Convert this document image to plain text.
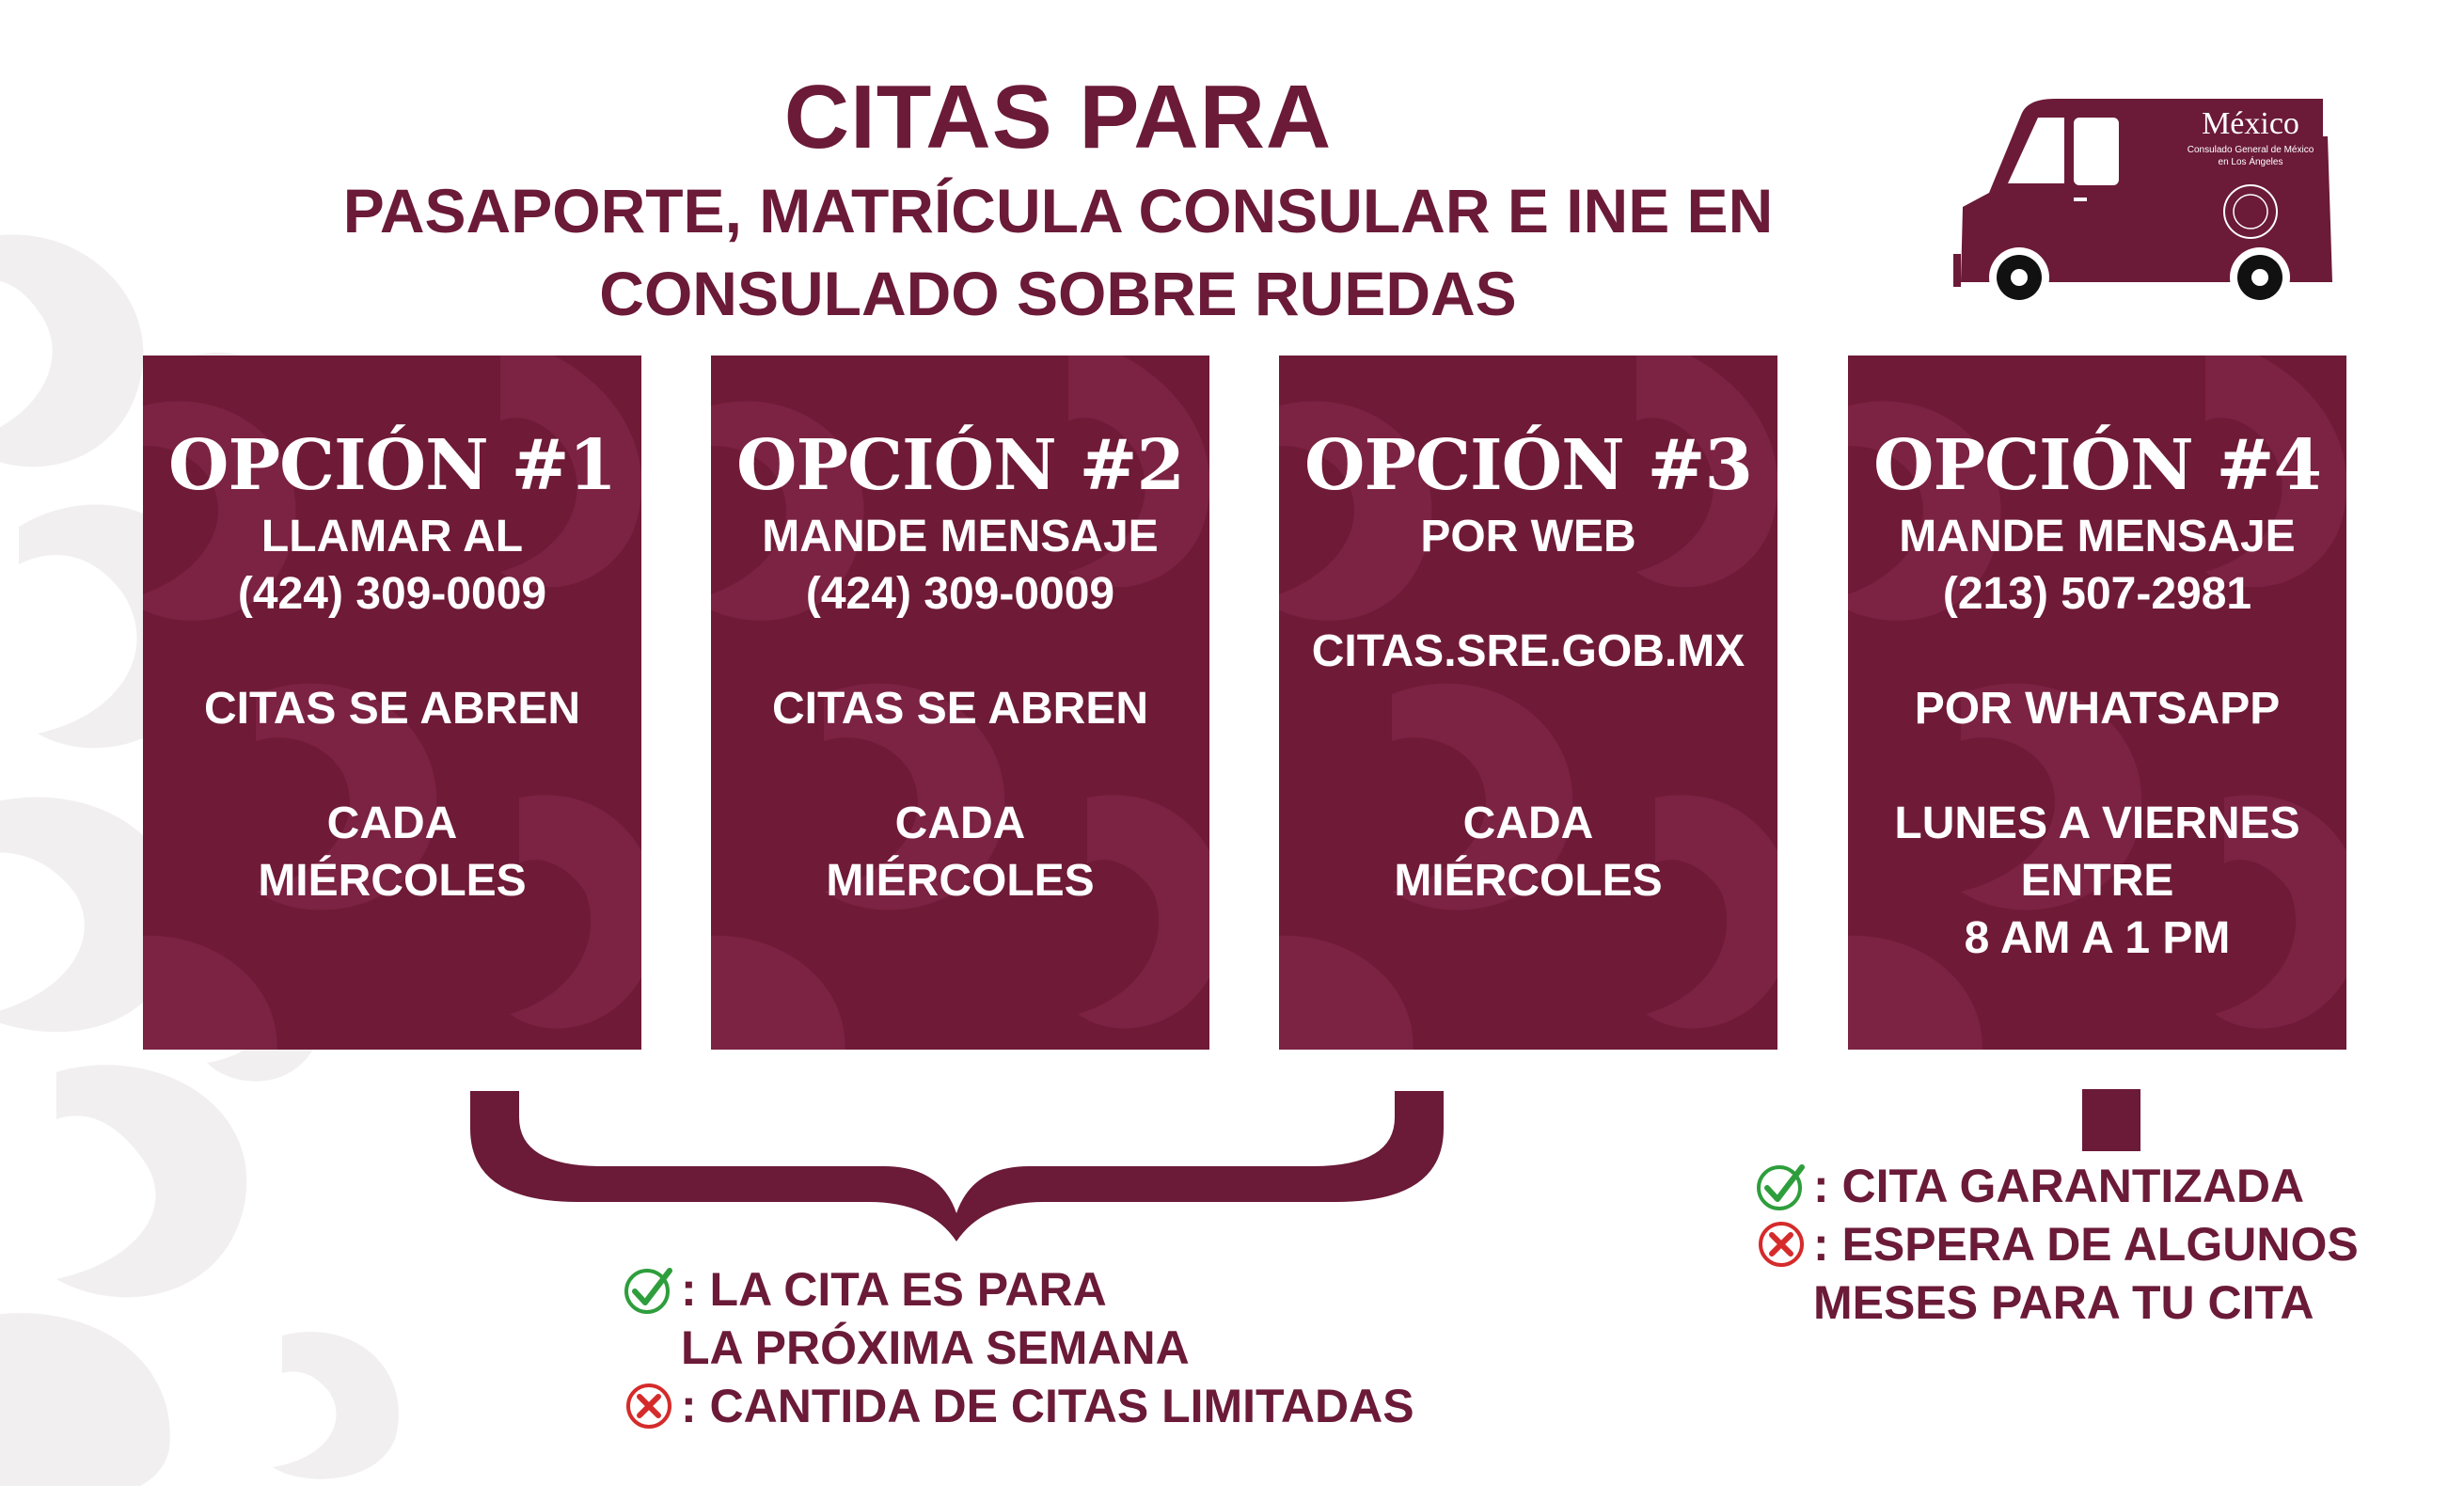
CITAS PARA
PASAPORTE, MATRÍCULA CONSULAR E INE EN
CONSULADO SOBRE RUEDAS
México
Consulado General de México
en Los Ángeles
OPCIÓN #1
LLAMAR AL
(424) 309-0009
CITAS SE ABREN
CADA
MIÉRCOLES
OPCIÓN #2
MANDE MENSAJE
(424) 309-0009
CITAS SE ABREN
CADA
MIÉRCOLES
OPCIÓN #3
POR WEB
CITAS.SRE.GOB.MX
CADA
MIÉRCOLES
OPCIÓN #4
MANDE MENSAJE
(213) 507-2981
POR WHATSAPP
LUNES A VIERNES
ENTRE
8 AM A 1 PM
: LA CITA ES PARA
LA PRÓXIMA SEMANA
: CANTIDA DE CITAS LIMITADAS
: CITA GARANTIZADA
: ESPERA DE ALGUNOS
MESES PARA TU CITA
